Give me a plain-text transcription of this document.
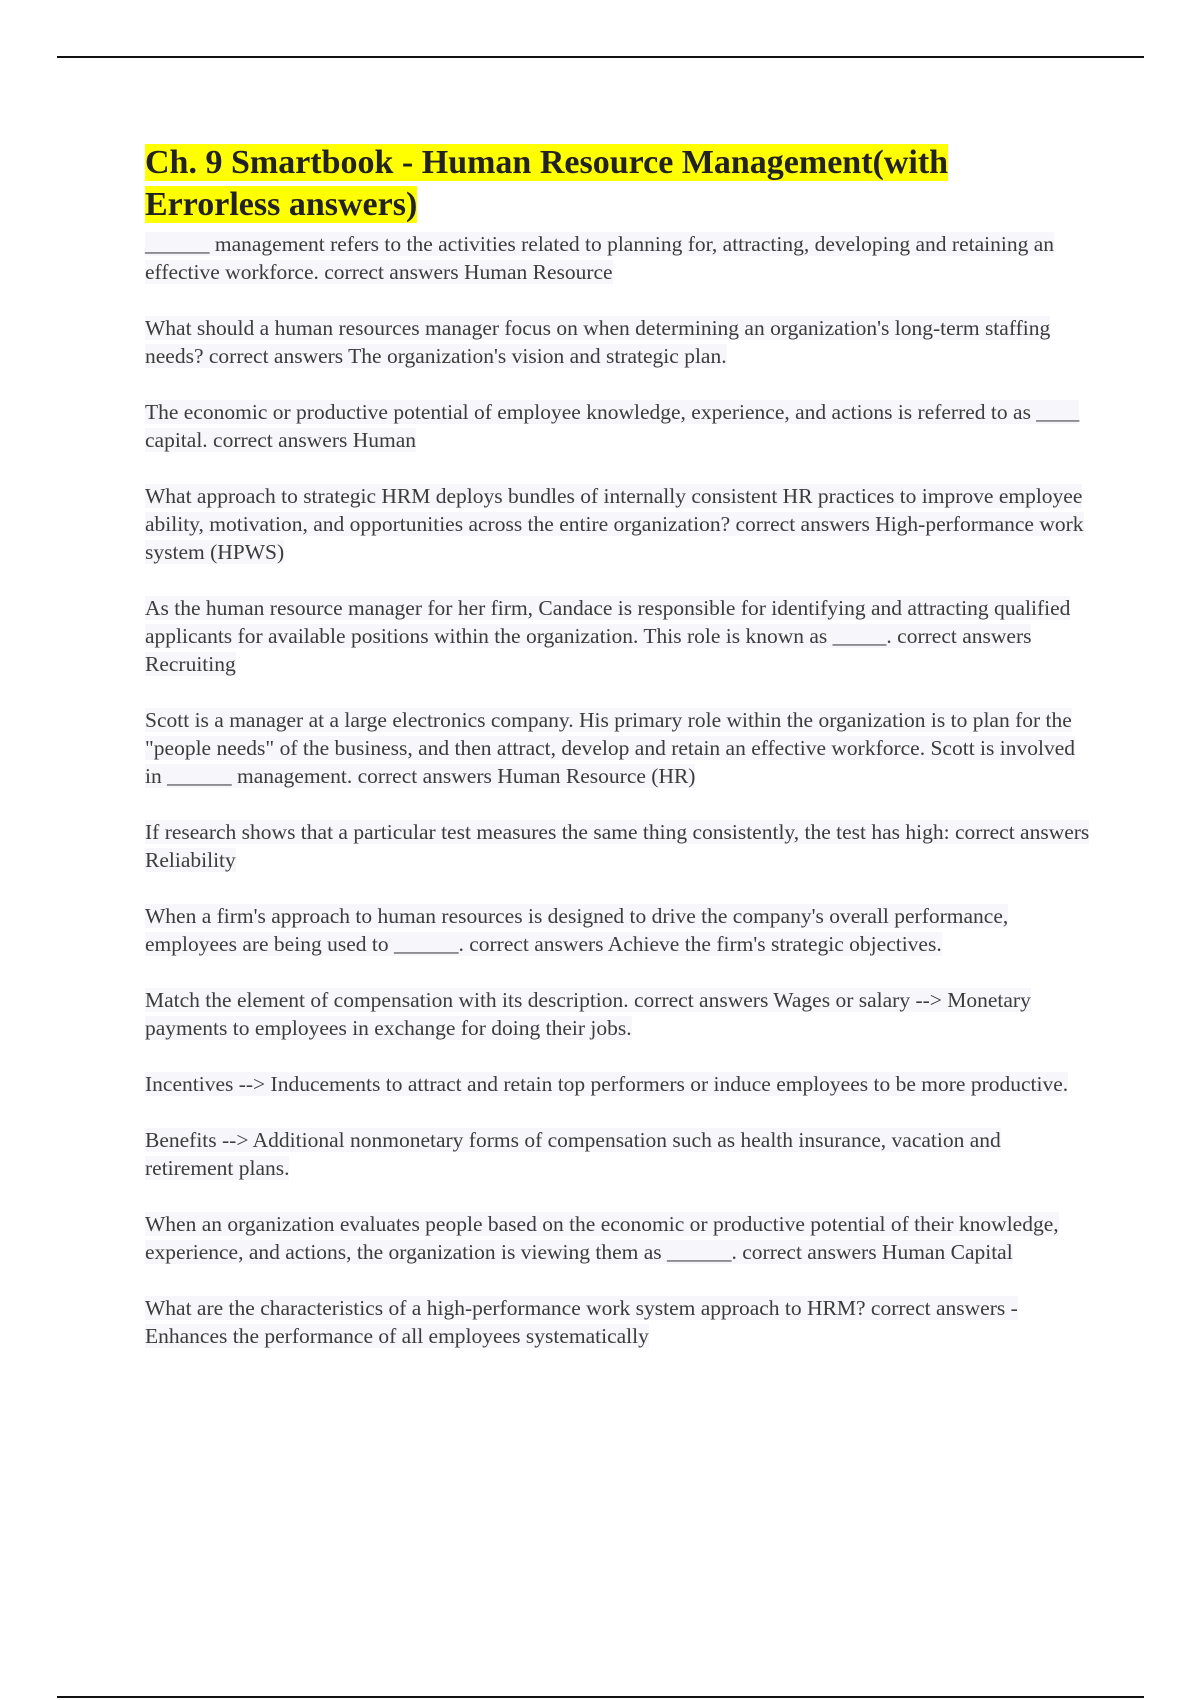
Ch. 9 Smartbook - Human Resource Management(with Errorless answers)

______ management refers to the activities related to planning for, attracting, developing and retaining an effective workforce. correct answers Human Resource

What should a human resources manager focus on when determining an organization's long-term staffing needs? correct answers The organization's vision and strategic plan.

The economic or productive potential of employee knowledge, experience, and actions is referred to as ____ capital. correct answers Human

What approach to strategic HRM deploys bundles of internally consistent HR practices to improve employee ability, motivation, and opportunities across the entire organization? correct answers High-performance work system (HPWS)

As the human resource manager for her firm, Candace is responsible for identifying and attracting qualified applicants for available positions within the organization. This role is known as _____. correct answers Recruiting

Scott is a manager at a large electronics company. His primary role within the organization is to plan for the "people needs" of the business, and then attract, develop and retain an effective workforce. Scott is involved in ______ management. correct answers Human Resource (HR)

If research shows that a particular test measures the same thing consistently, the test has high: correct answers Reliability

When a firm's approach to human resources is designed to drive the company's overall performance, employees are being used to ______. correct answers Achieve the firm's strategic objectives.

Match the element of compensation with its description. correct answers Wages or salary --> Monetary payments to employees in exchange for doing their jobs.

Incentives --> Inducements to attract and retain top performers or induce employees to be more productive.

Benefits --> Additional nonmonetary forms of compensation such as health insurance, vacation and retirement plans.

When an organization evaluates people based on the economic or productive potential of their knowledge, experience, and actions, the organization is viewing them as ______. correct answers Human Capital

What are the characteristics of a high-performance work system approach to HRM? correct answers - Enhances the performance of all employees systematically
